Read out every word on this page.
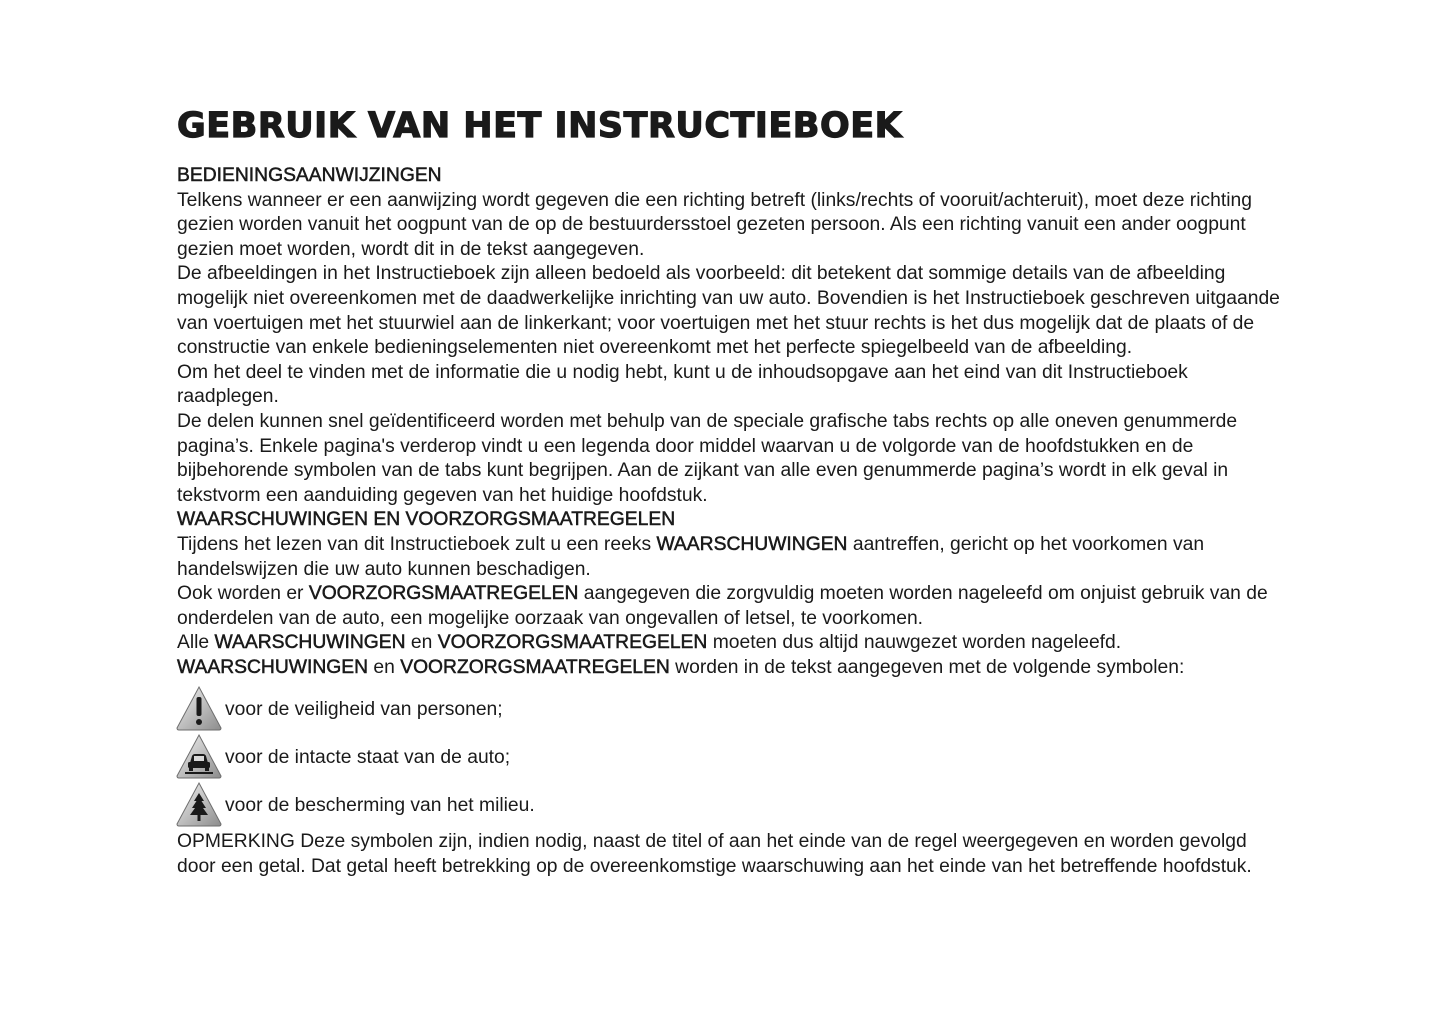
GEBRUIK VAN HET INSTRUCTIEBOEK
BEDIENINGSAANWIJZINGEN

Telkens wanneer er een aanwijzing wordt gegeven die een richting betreft (links/rechts of vooruit/achteruit), moet deze richting gezien worden vanuit het oogpunt van de op de bestuurdersstoel gezeten persoon. Als een richting vanuit een ander oogpunt gezien moet worden, wordt dit in de tekst aangegeven.

De afbeeldingen in het Instructieboek zijn alleen bedoeld als voorbeeld: dit betekent dat sommige details van de afbeelding mogelijk niet overeenkomen met de daadwerkelijke inrichting van uw auto. Bovendien is het Instructieboek geschreven uitgaande van voertuigen met het stuurwiel aan de linkerkant; voor voertuigen met het stuur rechts is het dus mogelijk dat de plaats of de constructie van enkele bedieningselementen niet overeenkomt met het perfecte spiegelbeeld van de afbeelding.

Om het deel te vinden met de informatie die u nodig hebt, kunt u de inhoudsopgave aan het eind van dit Instructieboek raadplegen.

De delen kunnen snel geïdentificeerd worden met behulp van de speciale grafische tabs rechts op alle oneven genummerde pagina’s. Enkele pagina's verderop vindt u een legenda door middel waarvan u de volgorde van de hoofdstukken en de bijbehorende symbolen van de tabs kunt begrijpen. Aan de zijkant van alle even genummerde pagina’s wordt in elk geval in tekstvorm een aanduiding gegeven van het huidige hoofdstuk.

WAARSCHUWINGEN EN VOORZORGSMAATREGELEN

Tijdens het lezen van dit Instructieboek zult u een reeks WAARSCHUWINGEN aantreffen, gericht op het voorkomen van handelswijzen die uw auto kunnen beschadigen.

Ook worden er VOORZORGSMAATREGELEN aangegeven die zorgvuldig moeten worden nageleefd om onjuist gebruik van de onderdelen van de auto, een mogelijke oorzaak van ongevallen of letsel, te voorkomen.

Alle WAARSCHUWINGEN en VOORZORGSMAATREGELEN moeten dus altijd nauwgezet worden nageleefd.

WAARSCHUWINGEN en VOORZORGSMAATREGELEN worden in de tekst aangegeven met de volgende symbolen:

voor de veiligheid van personen;
voor de intacte staat van de auto;
voor de bescherming van het milieu.

OPMERKING Deze symbolen zijn, indien nodig, naast de titel of aan het einde van de regel weergegeven en worden gevolgd door een getal. Dat getal heeft betrekking op de overeenkomstige waarschuwing aan het einde van het betreffende hoofdstuk.
